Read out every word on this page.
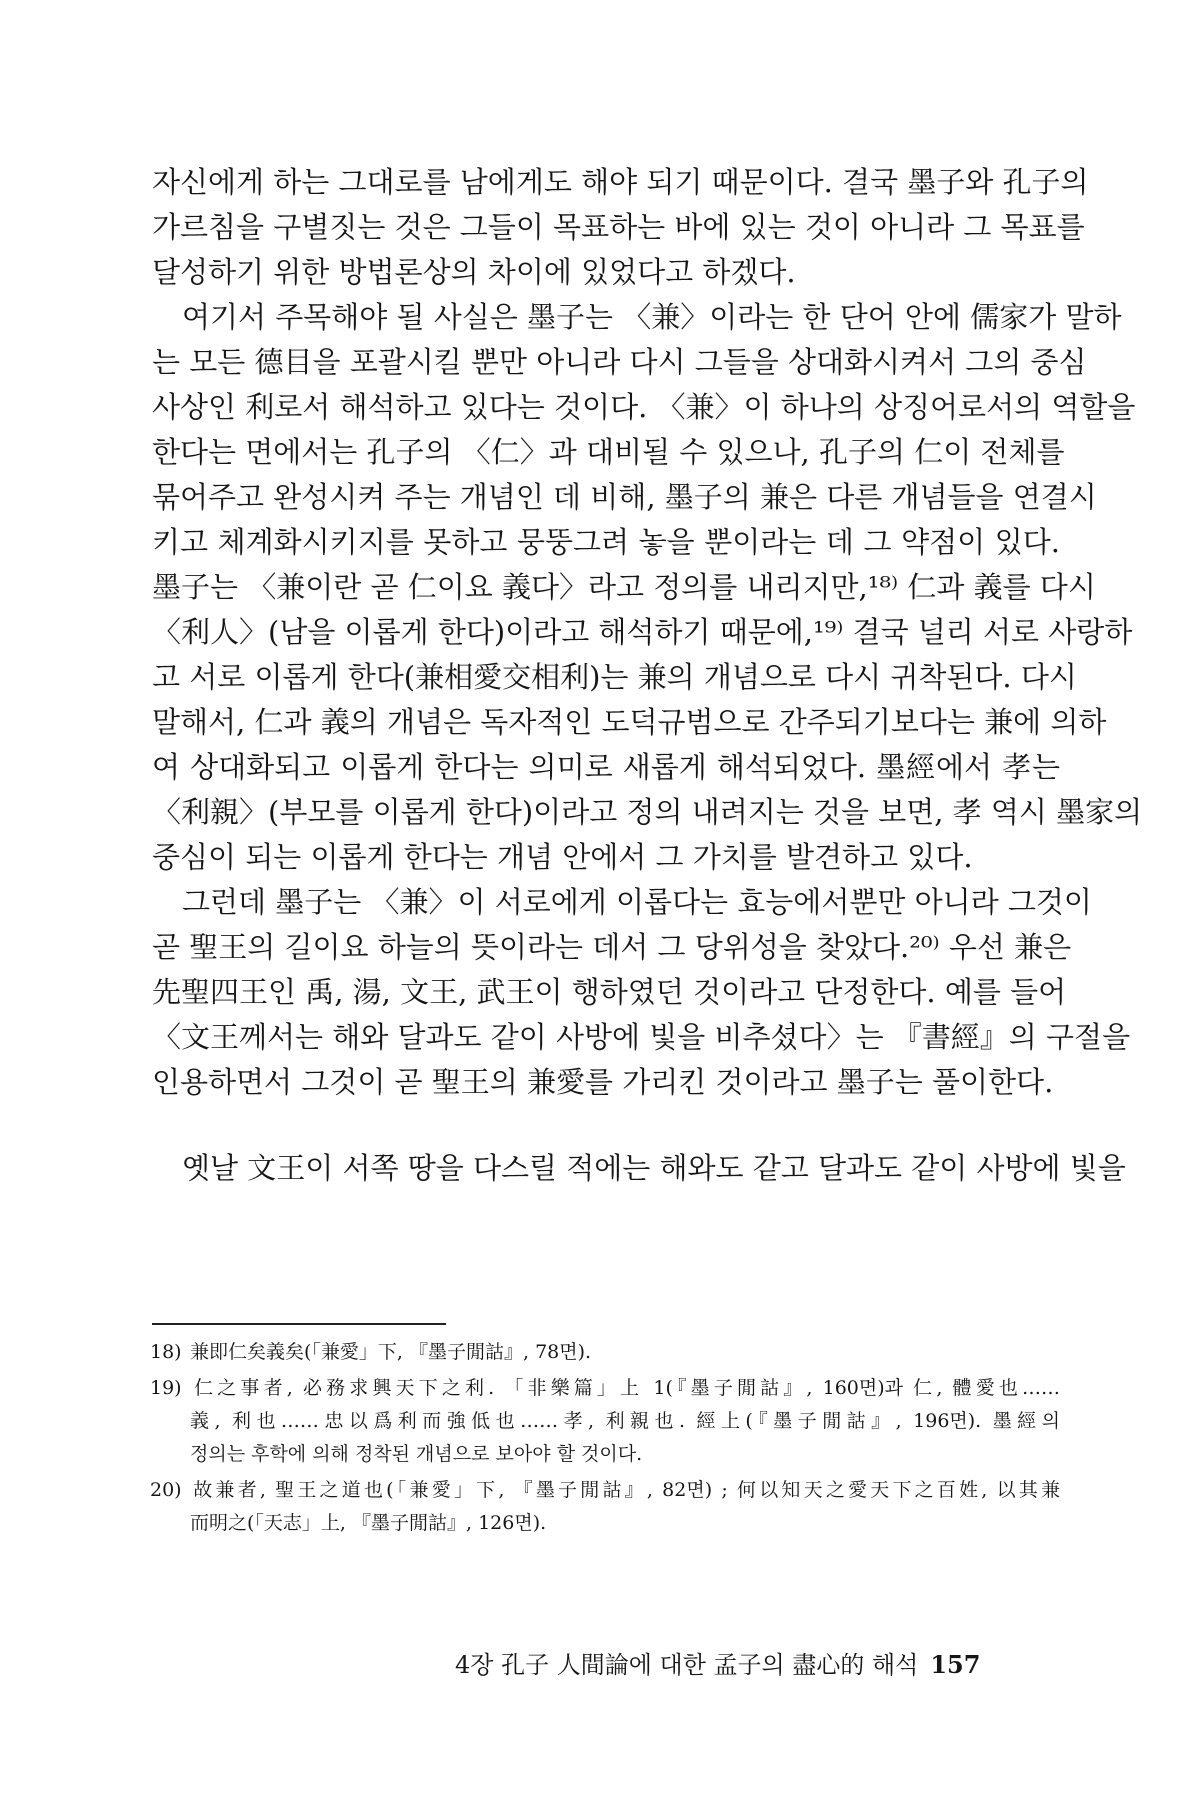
자신에게 하는 그대로를 남에게도 해야 되기 때문이다. 결국 墨子와 孔子의
가르침을 구별짓는 것은 그들이 목표하는 바에 있는 것이 아니라 그 목표를
달성하기 위한 방법론상의 차이에 있었다고 하겠다.
여기서 주목해야 될 사실은 墨子는 〈兼〉이라는 한 단어 안에 儒家가 말하
는 모든 德目을 포괄시킬 뿐만 아니라 다시 그들을 상대화시켜서 그의 중심
사상인 利로서 해석하고 있다는 것이다. 〈兼〉이 하나의 상징어로서의 역할을
한다는 면에서는 孔子의 〈仁〉과 대비될 수 있으나, 孔子의 仁이 전체를
묶어주고 완성시켜 주는 개념인 데 비해, 墨子의 兼은 다른 개념들을 연결시
키고 체계화시키지를 못하고 뭉뚱그려 놓을 뿐이라는 데 그 약점이 있다.
墨子는 〈兼이란 곧 仁이요 義다〉라고 정의를 내리지만,¹⁸⁾ 仁과 義를 다시
〈利人〉(남을 이롭게 한다)이라고 해석하기 때문에,¹⁹⁾ 결국 널리 서로 사랑하
고 서로 이롭게 한다(兼相愛交相利)는 兼의 개념으로 다시 귀착된다. 다시
말해서, 仁과 義의 개념은 독자적인 도덕규범으로 간주되기보다는 兼에 의하
여 상대화되고 이롭게 한다는 의미로 새롭게 해석되었다. 墨經에서 孝는
〈利親〉(부모를 이롭게 한다)이라고 정의 내려지는 것을 보면, 孝 역시 墨家의
중심이 되는 이롭게 한다는 개념 안에서 그 가치를 발견하고 있다.
그런데 墨子는 〈兼〉이 서로에게 이롭다는 효능에서뿐만 아니라 그것이
곧 聖王의 길이요 하늘의 뜻이라는 데서 그 당위성을 찾았다.²⁰⁾ 우선 兼은
先聖四王인 禹, 湯, 文王, 武王이 행하였던 것이라고 단정한다. 예를 들어
〈文王께서는 해와 달과도 같이 사방에 빛을 비추셨다〉는 『書經』의 구절을
인용하면서 그것이 곧 聖王의 兼愛를 가리킨 것이라고 墨子는 풀이한다.
옛날 文王이 서쪽 땅을 다스릴 적에는 해와도 같고 달과도 같이 사방에 빛을
18) 兼即仁矣義矣(「兼愛」下, 『墨子閒詁』, 78면).
19) 仁之事者, 必務求興天下之利. 「非樂篇」上 1(『墨子閒詁』, 160면)과 仁, 體愛也……
義, 利也……忠以爲利而強低也……孝, 利親也. 經上(『墨子閒詁』, 196면). 墨經의
정의는 후학에 의해 정착된 개념으로 보아야 할 것이다.
20) 故兼者, 聖王之道也(「兼愛」下, 『墨子閒詁』, 82면) ; 何以知天之愛天下之百姓, 以其兼
而明之(「天志」上, 『墨子閒詁』, 126면).
4장 孔子 人間論에 대한 孟子의 盡心的 해석 157
